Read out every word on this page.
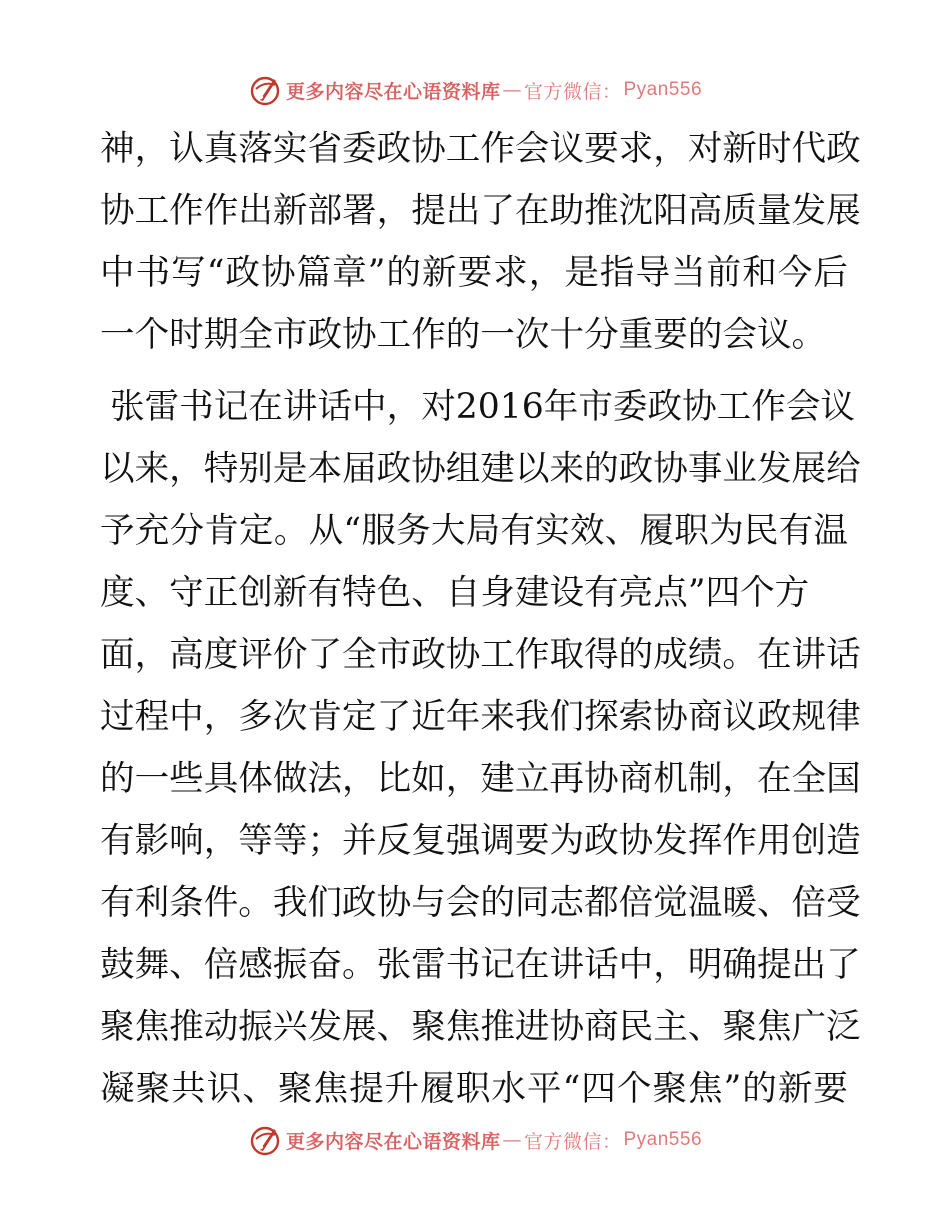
更多内容尽在心语资料库 — 官方微信： Pyan556
神，认真落实省委政协工作会议要求，对新时代政
协工作作出新部署，提出了在助推沈阳高质量发展
中书写“政协篇章”的新要求，是指导当前和今后
一个时期全市政协工作的一次十分重要的会议。
张雷书记在讲话中，对2016年市委政协工作会议
以来，特别是本届政协组建以来的政协事业发展给
予充分肯定。从“服务大局有实效、履职为民有温
度、守正创新有特色、自身建设有亮点”四个方
面，高度评价了全市政协工作取得的成绩。在讲话
过程中，多次肯定了近年来我们探索协商议政规律
的一些具体做法，比如，建立再协商机制，在全国
有影响，等等；并反复强调要为政协发挥作用创造
有利条件。我们政协与会的同志都倍觉温暖、倍受
鼓舞、倍感振奋。张雷书记在讲话中，明确提出了
聚焦推动振兴发展、聚焦推进协商民主、聚焦广泛
凝聚共识、聚焦提升履职水平“四个聚焦”的新要
更多内容尽在心语资料库 — 官方微信： Pyan556
